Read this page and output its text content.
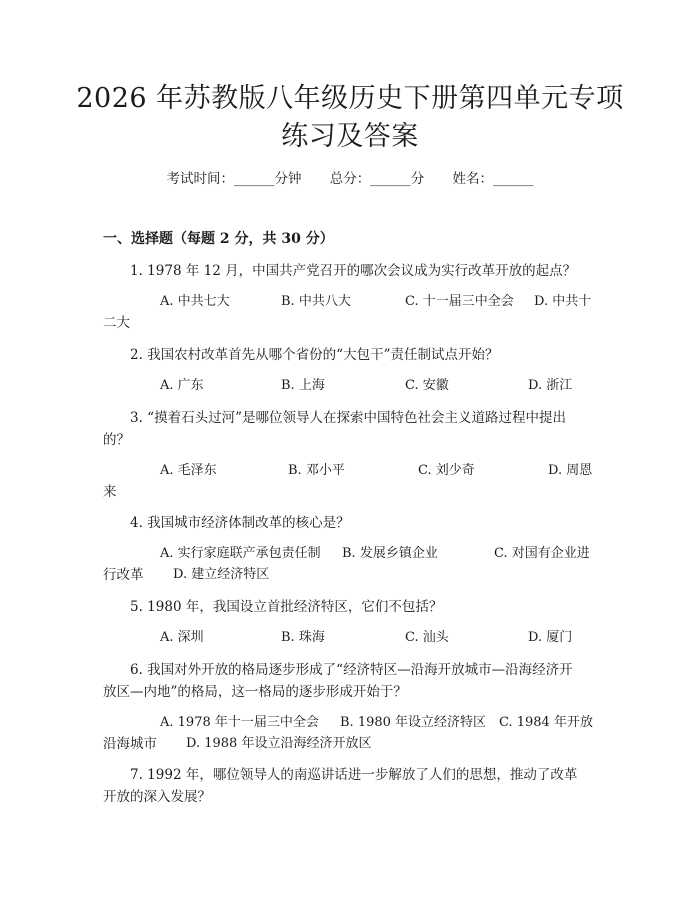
2026 年苏教版八年级历史下册第四单元专项
练习及答案
考试时间：______分钟 总分：______分 姓名：______
一、选择题（每题 2 分，共 30 分）
1. 1978 年 12 月，中国共产党召开的哪次会议成为实行改革开放的起点？
A. 中共七大	B. 中共八大	C. 十一届三中全会 D. 中共十
二大
2. 我国农村改革首先从哪个省份的“大包干”责任制试点开始？
A. 广东	B. 上海	C. 安徽	D. 浙江
3. “摸着石头过河”是哪位领导人在探索中国特色社会主义道路过程中提出
的？
A. 毛泽东	B. 邓小平	C. 刘少奇	D. 周恩
来
4. 我国城市经济体制改革的核心是？
A. 实行家庭联产承包责任制 B. 发展乡镇企业	C. 对国有企业进
行改革 D. 建立经济特区
5. 1980 年，我国设立首批经济特区，它们不包括？
A. 深圳	B. 珠海	C. 汕头	D. 厦门
6. 我国对外开放的格局逐步形成了“经济特区—沿海开放城市—沿海经济开
放区—内地”的格局，这一格局的逐步形成开始于？
A. 1978 年十一届三中全会 B. 1980 年设立经济特区 C. 1984 年开放
沿海城市 D. 1988 年设立沿海经济开放区
7. 1992 年，哪位领导人的南巡讲话进一步解放了人们的思想，推动了改革
开放的深入发展？
